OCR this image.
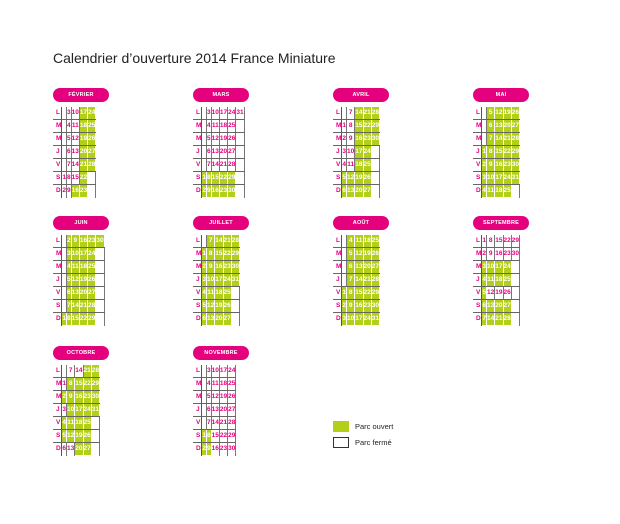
Calendrier d’ouverture 2014 France Miniature
FÉVRIER
L		3	10	17	24
M		4	11	18	25
M		5	12	19	26
J		6	13	20	27
V		7	14	21	28
S	1	8	15	22	
D	2	9	16	23	
MARS
L		3	10	17	24	31
M		4	11	18	25	
M		5	12	19	26	
J		6	13	20	27	
V		7	14	21	28	
S	1	8	15	22	29	
D	2	9	16	23	30	
AVRIL
L		7	14	21	28
M	1	8	15	22	29
M	2	9	16	23	30
J	3	10	17	24	
V	4	11	18	25	
S	5	12	19	26	
D	6	13	20	27	
MAI
L		5	12	19	26
M		6	13	20	27
M		7	14	21	28
J	1	8	15	22	29
V	2	9	16	23	30
S	3	10	17	24	31
D	4	11	18	25	
JUIN
L		2	9	16	23	30
M		3	10	17	24	
M		4	11	18	25	
J		5	12	19	26	
V		6	13	20	27	
S		7	14	21	28	
D	1	8	15	22	29	
JUILLET
L		7	14	21	28
M	1	8	15	22	29
M	2	9	16	23	30
J	3	10	17	24	31
V	4	11	18	25	
S	5	12	19	26	
D	6	13	20	27	
AOÛT
L		4	11	18	25
M		5	12	19	26
M		6	13	20	27
J		7	14	21	28
V	1	8	15	22	29
S	2	9	16	23	30
D	3	10	17	24	31
SEPTEMBRE
L	1	8	15	22	29
M	2	9	16	23	30
M	3	10	17	24	
J	4	11	18	25	
V	5	12	19	26	
S	6	13	20	27	
D	7	14	21	28	
OCTOBRE
L		7	14	21	28
M	1	8	15	22	29
M	2	9	16	23	30
J	3	10	17	24	31
V	4	11	18	25	
S	5	12	19	26	
D	6	13	20	27	
NOVEMBRE
L		3	10	17	24
M		4	11	18	25
M		5	12	19	26
J		6	13	20	27
V		7	14	21	28
S	1	8	15	22	29
D	2	9	16	23	30
Parc ouvert
Parc fermé
